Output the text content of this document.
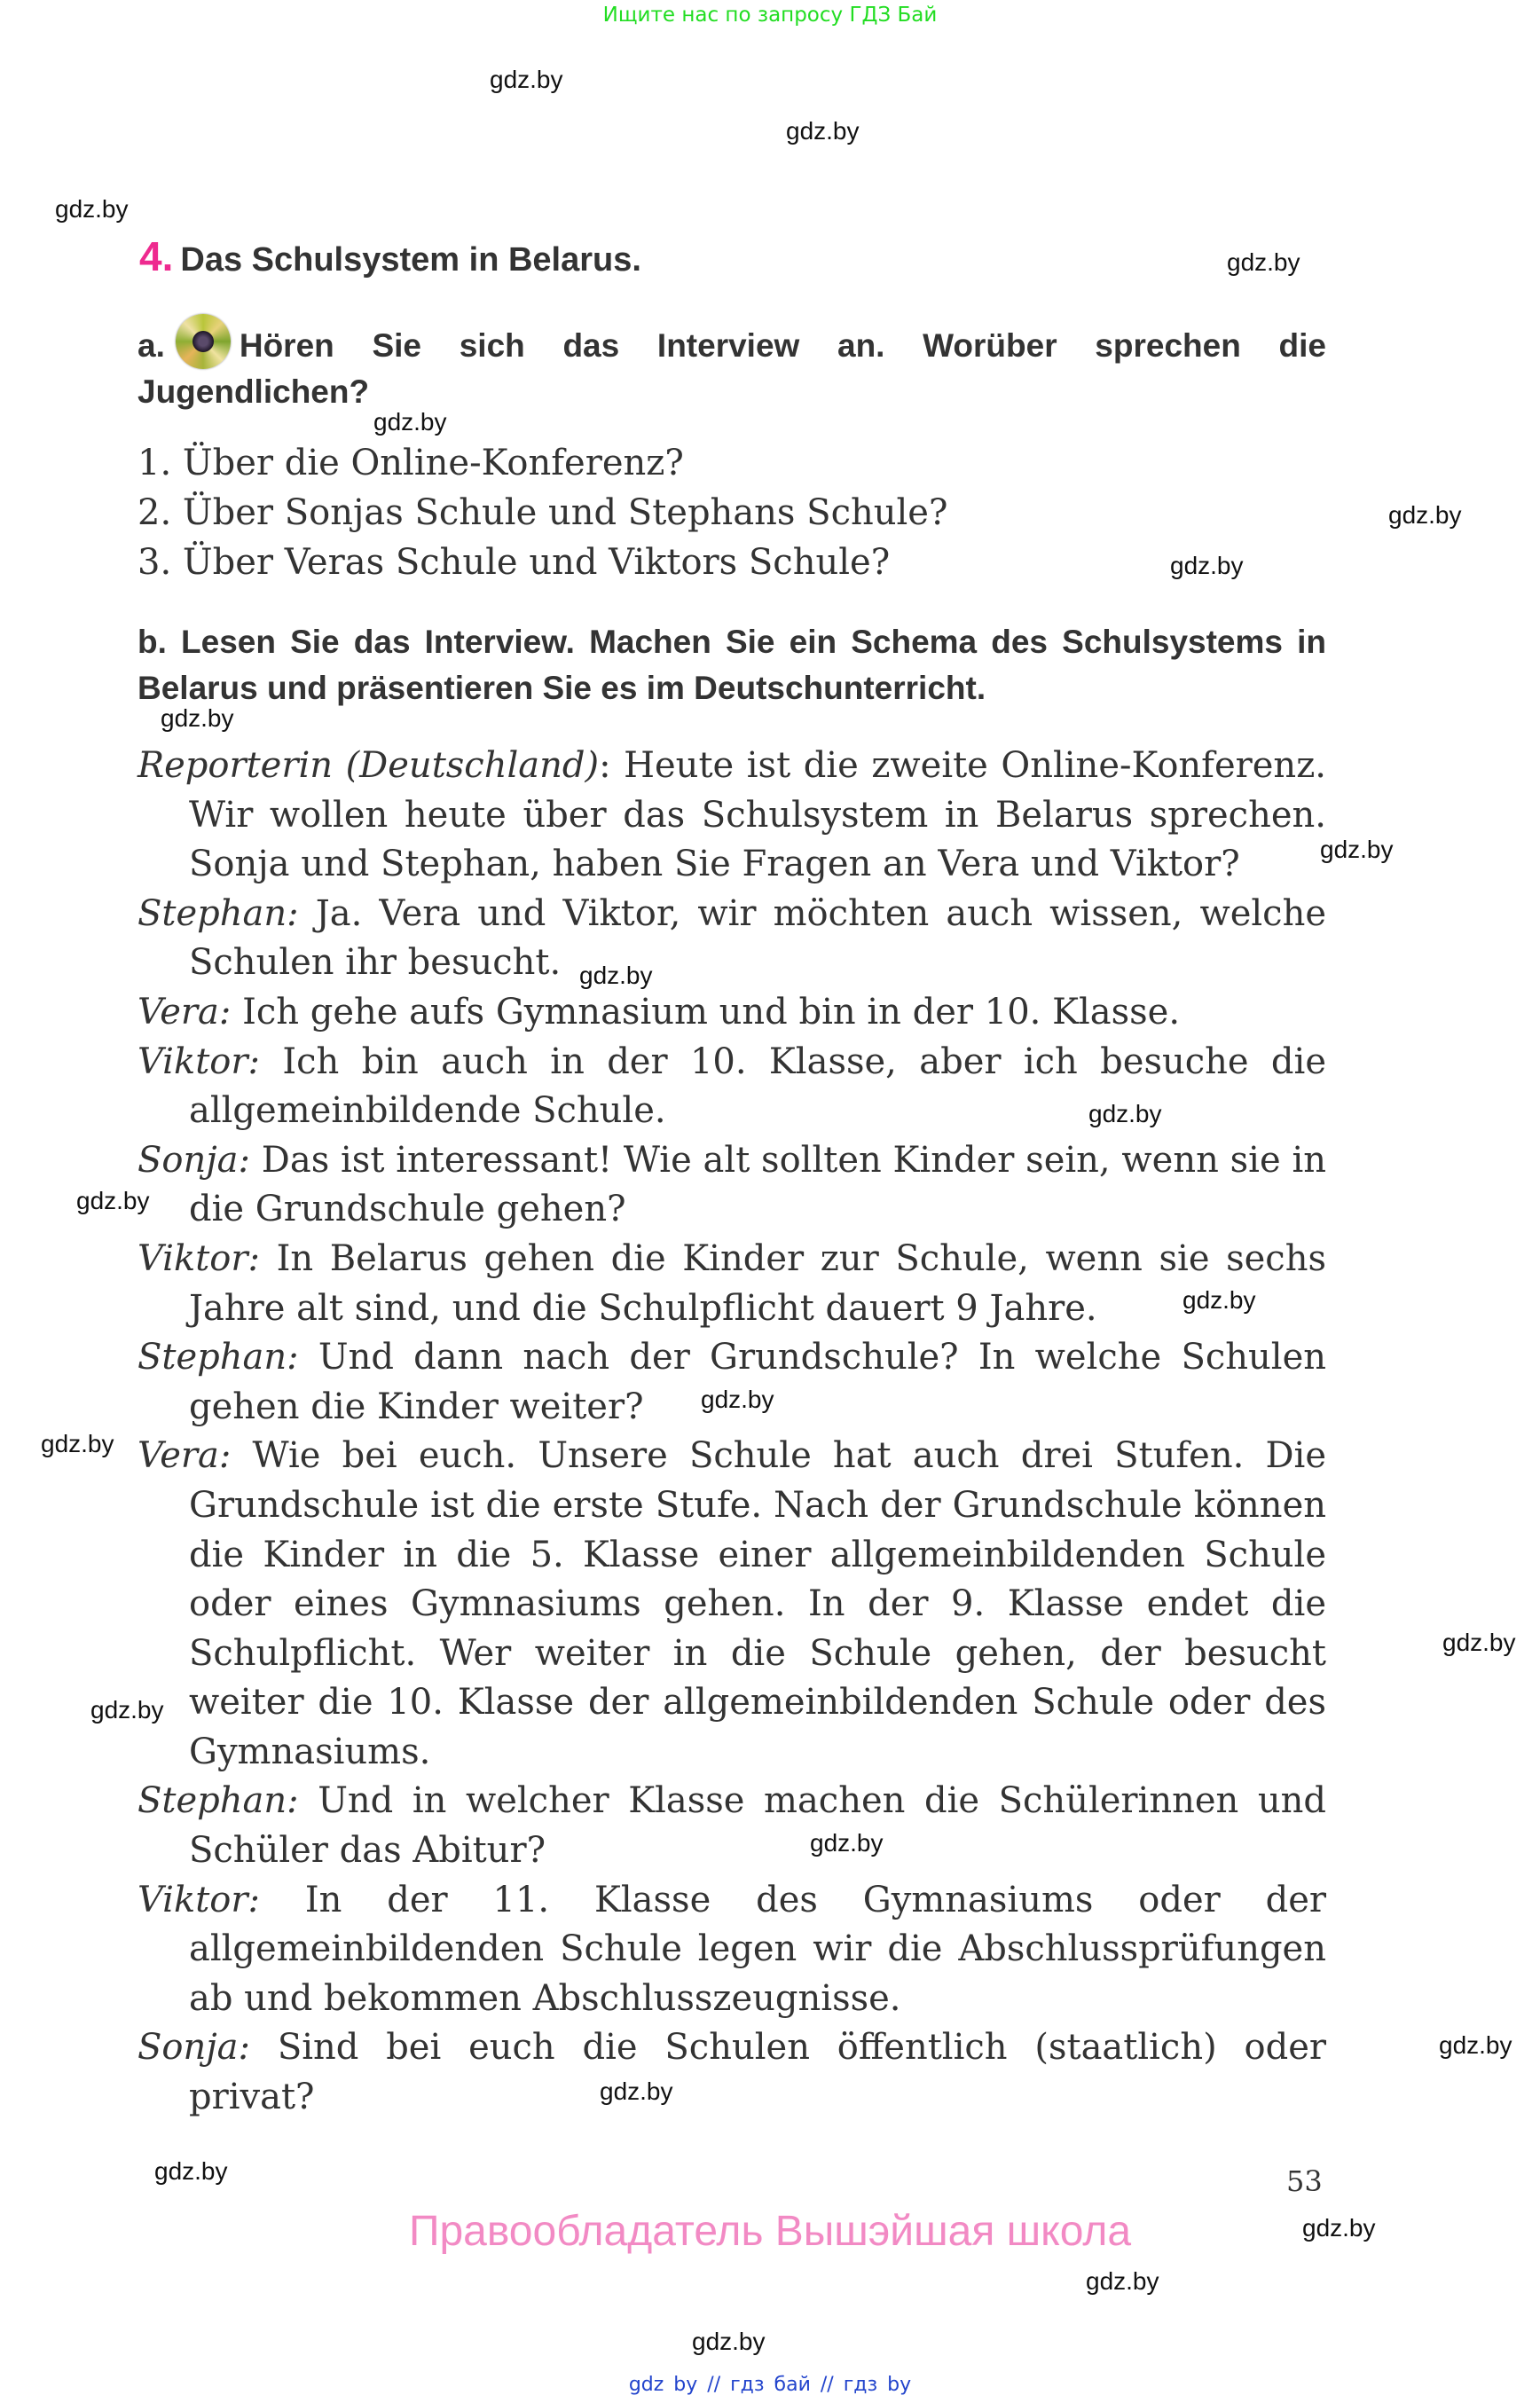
Ищите нас по запросу ГДЗ Бай
gdz.by
gdz.by
gdz.by
gdz.by
gdz.by
gdz.by
gdz.by
gdz.by
gdz.by
gdz.by
gdz.by
gdz.by
gdz.by
gdz.by
gdz.by
gdz.by
gdz.by
gdz.by
gdz.by
gdz.by
gdz.by
gdz.by
gdz.by
gdz.by
4. Das Schulsystem in Belarus.
a. Hören Sie sich das Interview an. Worüber sprechen die Jugendlichen?
1. Über die Online-Konferenz?
2. Über Sonjas Schule und Stephans Schule?
3. Über Veras Schule und Viktors Schule?
b. Lesen Sie das Interview. Machen Sie ein Schema des Schulsystems in Belarus und präsentieren Sie es im Deutschunterricht.
Reporterin (Deutschland): Heute ist die zweite Online-Konferenz. Wir wollen heute über das Schulsystem in Belarus sprechen. Sonja und Stephan, haben Sie Fragen an Vera und Viktor?
Stephan: Ja. Vera und Viktor, wir möchten auch wissen, welche Schulen ihr besucht.
Vera: Ich gehe aufs Gymnasium und bin in der 10. Klasse.
Viktor: Ich bin auch in der 10. Klasse, aber ich besuche die allgemeinbildende Schule.
Sonja: Das ist interessant! Wie alt sollten Kinder sein, wenn sie in die Grundschule gehen?
Viktor: In Belarus gehen die Kinder zur Schule, wenn sie sechs Jahre alt sind, und die Schulpflicht dauert 9 Jahre.
Stephan: Und dann nach der Grundschule? In welche Schulen gehen die Kinder weiter?
Vera: Wie bei euch. Unsere Schule hat auch drei Stufen. Die Grundschule ist die erste Stufe. Nach der Grundschule können die Kinder in die 5. Klasse einer allgemeinbildenden Schule oder eines Gymnasiums gehen. In der 9. Klasse endet die Schulpflicht. Wer weiter in die Schule gehen, der besucht weiter die 10. Klasse der allgemeinbildenden Schule oder des Gymnasiums.
Stephan: Und in welcher Klasse machen die Schülerinnen und Schüler das Abitur?
Viktor: In der 11. Klasse des Gymnasiums oder der allgemeinbildenden Schule legen wir die Abschlussprüfungen ab und bekommen Abschlusszeugnisse.
Sonja: Sind bei euch die Schulen öffentlich (staatlich) oder privat?
53
Правообладатель Вышэйшая школа
gdz by // гдз бай // гдз by
